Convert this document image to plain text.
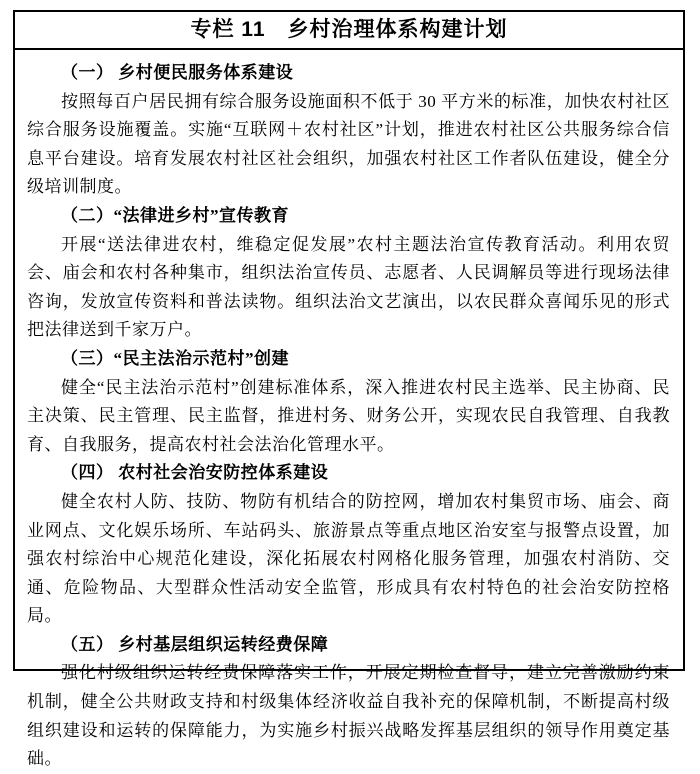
专栏 11　乡村治理体系构建计划
（一） 乡村便民服务体系建设

按照每百户居民拥有综合服务设施面积不低于 30 平方米的标准，加快农村社区综合服务设施覆盖。实施“互联网＋农村社区”计划，推进农村社区公共服务综合信息平台建设。培育发展农村社区社会组织，加强农村社区工作者队伍建设，健全分级培训制度。

（二）“法律进乡村”宣传教育

开展“送法律进农村，维稳定促发展”农村主题法治宣传教育活动。利用农贸会、庙会和农村各种集市，组织法治宣传员、志愿者、人民调解员等进行现场法律咨询，发放宣传资料和普法读物。组织法治文艺演出，以农民群众喜闻乐见的形式把法律送到千家万户。

（三）“民主法治示范村”创建

健全“民主法治示范村”创建标准体系，深入推进农村民主选举、民主协商、民主决策、民主管理、民主监督，推进村务、财务公开，实现农民自我管理、自我教育、自我服务，提高农村社会法治化管理水平。

（四） 农村社会治安防控体系建设

健全农村人防、技防、物防有机结合的防控网，增加农村集贸市场、庙会、商业网点、文化娱乐场所、车站码头、旅游景点等重点地区治安室与报警点设置，加强农村综治中心规范化建设，深化拓展农村网格化服务管理，加强农村消防、交通、危险物品、大型群众性活动安全监管，形成具有农村特色的社会治安防控格局。

（五） 乡村基层组织运转经费保障

强化村级组织运转经费保障落实工作，开展定期检查督导，建立完善激励约束机制，健全公共财政支持和村级集体经济收益自我补充的保障机制，不断提高村级组织建设和运转的保障能力，为实施乡村振兴战略发挥基层组织的领导作用奠定基础。
